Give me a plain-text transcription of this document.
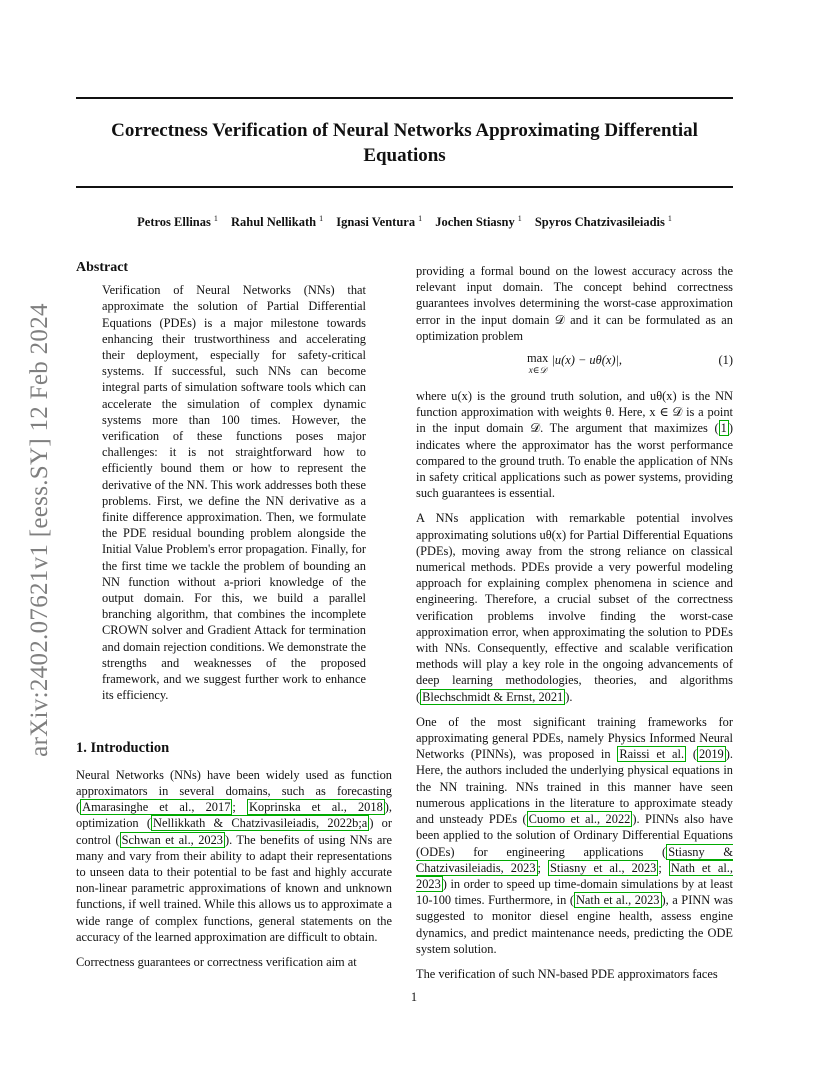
Correctness Verification of Neural Networks Approximating Differential Equations
Petros Ellinas $^1$ Rahul Nellikath $^1$ Ignasi Ventura $^1$ Jochen Stiasny $^1$ Spyros Chatzivasileiadis $^1$
arXiv:2402.07621v1 [eess.SY] 12 Feb 2024

Abstract

Verification of Neural Networks (NNs) that approximate the solution of Partial Differential Equations (PDEs) is a major milestone towards enhancing their trustworthiness and accelerating their deployment, especially for safety-critical systems. If successful, such NNs can become integral parts of simulation software tools which can accelerate the simulation of complex dynamic systems more than 100 times. However, the verification of these functions poses major challenges: it is not straightforward how to efficiently bound them or how to represent the derivative of the NN. This work addresses both these problems. First, we define the NN derivative as a finite difference approximation. Then, we formulate the PDE residual bounding problem alongside the Initial Value Problem's error propagation. Finally, for the first time we tackle the problem of bounding an NN function without a-priori knowledge of the output domain. For this, we build a parallel branching algorithm, that combines the incomplete CROWN solver and Gradient Attack for termination and domain rejection conditions. We demonstrate the strengths and weaknesses of the proposed framework, and we suggest further work to enhance its efficiency.

1. Introduction

Neural Networks (NNs) have been widely used as function approximators in several domains, such as forecasting ( Amarasinghe et al., 2017 ; Koprinska et al., 2018 ), optimization ( Nellikkath & Chatzivasileiadis, 2022b;a ) or control ( Schwan et al., 2023 ). The benefits of using NNs are many and vary from their ability to adapt their representations to unseen data to their potential to be fast and highly accurate non-linear parametric approximations of known and unknown functions, if well trained. While this allows us to approximate a wide range of complex functions, general statements on the accuracy of the learned approximation are difficult to obtain.

Correctness guarantees or correctness verification aim at

providing a formal bound on the lowest accuracy across the relevant input domain. The concept behind correctness guarantees involves determining the worst-case approximation error in the input domain 𝒟 and it can be formulated as an optimization problem

max
x∈𝒟
|u(x) − uθ(x)|,	(1)

where u(x) is the ground truth solution, and uθ(x) is the NN function approximation with weights θ. Here, x ∈ 𝒟 is a point in the input domain 𝒟. The argument that maximizes ( 1 ) indicates where the approximator has the worst performance compared to the ground truth. To enable the application of NNs in safety critical applications such as power systems, providing such guarantees is essential.

A NNs application with remarkable potential involves approximating solutions uθ(x) for Partial Differential Equations (PDEs), moving away from the strong reliance on classical numerical methods. PDEs provide a very powerful modeling approach for explaining complex phenomena in science and engineering. Therefore, a crucial subset of the correctness verification problems involve finding the worst-case approximation error, when approximating the solution to PDEs with NNs. Consequently, effective and scalable verification methods will play a key role in the ongoing advancements of deep learning methodologies, theories, and algorithms ( Blechschmidt & Ernst, 2021 ).

One of the most significant training frameworks for approximating general PDEs, namely Physics Informed Neural Networks (PINNs), was proposed in Raissi et al. ( 2019 ). Here, the authors included the underlying physical equations in the NN training. NNs trained in this manner have seen numerous applications in the literature to approximate steady and unsteady PDEs ( Cuomo et al., 2022 ). PINNs also have been applied to the solution of Ordinary Differential Equations (ODEs) for engineering applications ( Stiasny & Chatzivasileiadis, 2023 ; Stiasny et al., 2023 ; Nath et al., 2023 ) in order to speed up time-domain simulations by at least 10-100 times. Furthermore, in ( Nath et al., 2023 ), a PINN was suggested to monitor diesel engine health, assess engine dynamics, and predict maintenance needs, predicting the ODE system solution.

The verification of such NN-based PDE approximators faces

1
